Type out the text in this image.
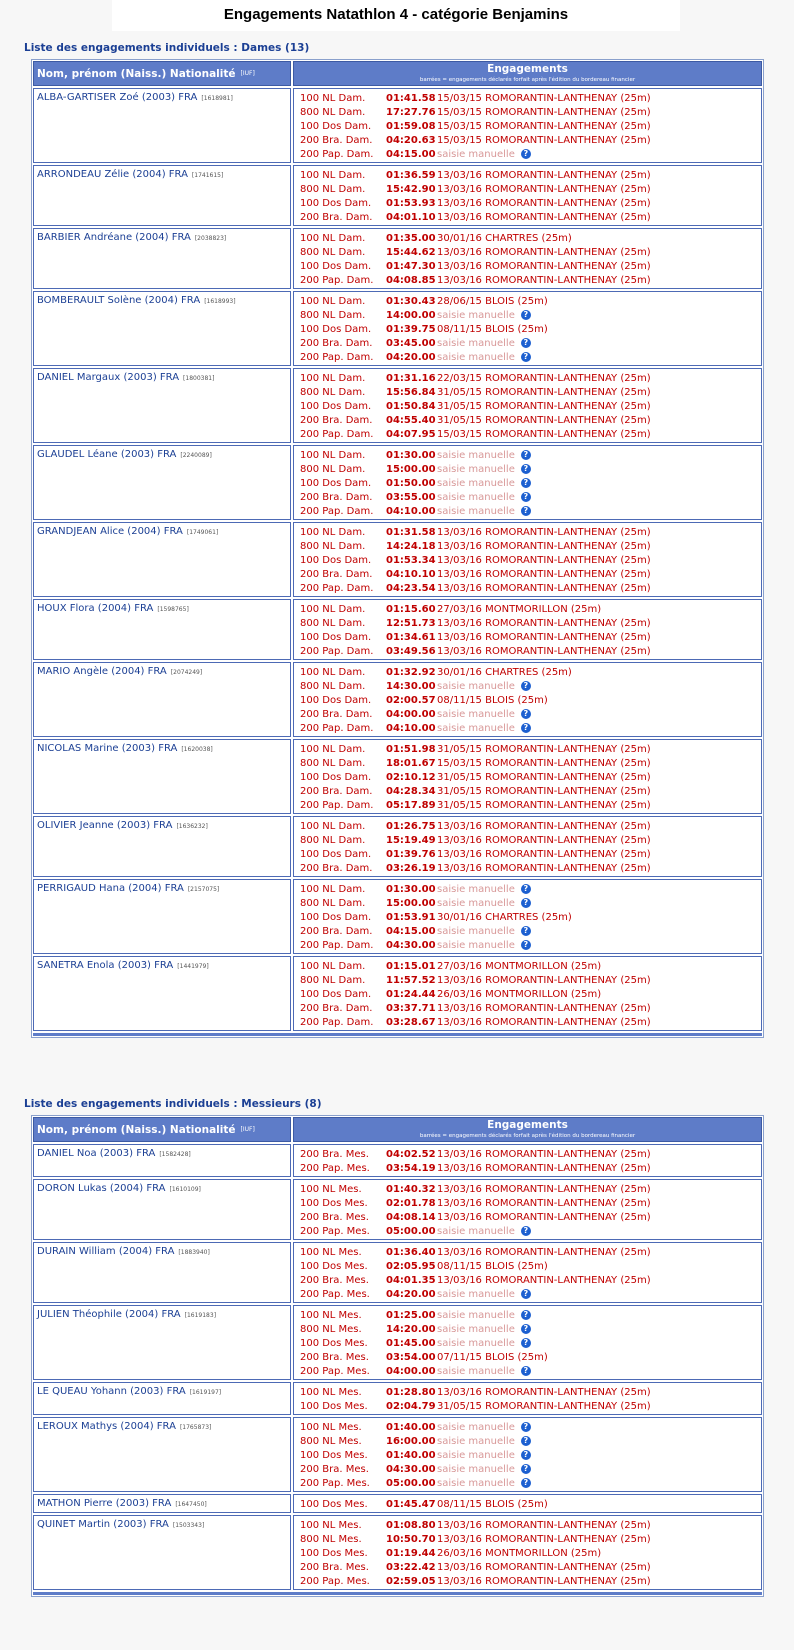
Engagements Natathlon 4 - catégorie Benjamins
Liste des engagements individuels : Dames (13)
Nom, prénom (Naiss.) Nationalité [IUF]	Engagements
barrées = engagements déclarés forfait après l'édition du bordereau financier
ALBA-GARTISER Zoé (2003) FRA [1618981]	100 NL Dam.	01:41.58 15/03/15 ROMORANTIN-LANTHENAY (25m)
800 NL Dam.	17:27.76 15/03/15 ROMORANTIN-LANTHENAY (25m)
100 Dos Dam.	01:59.08 15/03/15 ROMORANTIN-LANTHENAY (25m)
200 Bra. Dam.	04:20.63 15/03/15 ROMORANTIN-LANTHENAY (25m)
200 Pap. Dam.	04:15.00 saisie manuelle	?
ARRONDEAU Zélie (2004) FRA [1741615]	100 NL Dam.	01:36.59 13/03/16 ROMORANTIN-LANTHENAY (25m)
800 NL Dam.	15:42.90 13/03/16 ROMORANTIN-LANTHENAY (25m)
100 Dos Dam.	01:53.93 13/03/16 ROMORANTIN-LANTHENAY (25m)
200 Bra. Dam.	04:01.10 13/03/16 ROMORANTIN-LANTHENAY (25m)
BARBIER Andréane (2004) FRA [2038823]	100 NL Dam.	01:35.00 30/01/16 CHARTRES (25m)
800 NL Dam.	15:44.62 13/03/16 ROMORANTIN-LANTHENAY (25m)
100 Dos Dam.	01:47.30 13/03/16 ROMORANTIN-LANTHENAY (25m)
200 Pap. Dam.	04:08.85 13/03/16 ROMORANTIN-LANTHENAY (25m)
BOMBERAULT Solène (2004) FRA [1618993]	100 NL Dam.	01:30.43 28/06/15 BLOIS (25m)
800 NL Dam.	14:00.00 saisie manuelle	?
100 Dos Dam.	01:39.75 08/11/15 BLOIS (25m)
200 Bra. Dam.	03:45.00 saisie manuelle	?
200 Pap. Dam.	04:20.00 saisie manuelle	?
DANIEL Margaux (2003) FRA [1800381]	100 NL Dam.	01:31.16 22/03/15 ROMORANTIN-LANTHENAY (25m)
800 NL Dam.	15:56.84 31/05/15 ROMORANTIN-LANTHENAY (25m)
100 Dos Dam.	01:50.84 31/05/15 ROMORANTIN-LANTHENAY (25m)
200 Bra. Dam.	04:55.40 31/05/15 ROMORANTIN-LANTHENAY (25m)
200 Pap. Dam.	04:07.95 15/03/15 ROMORANTIN-LANTHENAY (25m)
GLAUDEL Léane (2003) FRA [2240089]	100 NL Dam.	01:30.00 saisie manuelle	?
800 NL Dam.	15:00.00 saisie manuelle	?
100 Dos Dam.	01:50.00 saisie manuelle	?
200 Bra. Dam.	03:55.00 saisie manuelle	?
200 Pap. Dam.	04:10.00 saisie manuelle	?
GRANDJEAN Alice (2004) FRA [1749061]	100 NL Dam.	01:31.58 13/03/16 ROMORANTIN-LANTHENAY (25m)
800 NL Dam.	14:24.18 13/03/16 ROMORANTIN-LANTHENAY (25m)
100 Dos Dam.	01:53.34 13/03/16 ROMORANTIN-LANTHENAY (25m)
200 Bra. Dam.	04:10.10 13/03/16 ROMORANTIN-LANTHENAY (25m)
200 Pap. Dam.	04:23.54 13/03/16 ROMORANTIN-LANTHENAY (25m)
HOUX Flora (2004) FRA [1598765]	100 NL Dam.	01:15.60 27/03/16 MONTMORILLON (25m)
800 NL Dam.	12:51.73 13/03/16 ROMORANTIN-LANTHENAY (25m)
100 Dos Dam.	01:34.61 13/03/16 ROMORANTIN-LANTHENAY (25m)
200 Pap. Dam.	03:49.56 13/03/16 ROMORANTIN-LANTHENAY (25m)
MARIO Angèle (2004) FRA [2074249]	100 NL Dam.	01:32.92 30/01/16 CHARTRES (25m)
800 NL Dam.	14:30.00 saisie manuelle	?
100 Dos Dam.	02:00.57 08/11/15 BLOIS (25m)
200 Bra. Dam.	04:00.00 saisie manuelle	?
200 Pap. Dam.	04:10.00 saisie manuelle	?
NICOLAS Marine (2003) FRA [1620038]	100 NL Dam.	01:51.98 31/05/15 ROMORANTIN-LANTHENAY (25m)
800 NL Dam.	18:01.67 15/03/15 ROMORANTIN-LANTHENAY (25m)
100 Dos Dam.	02:10.12 31/05/15 ROMORANTIN-LANTHENAY (25m)
200 Bra. Dam.	04:28.34 31/05/15 ROMORANTIN-LANTHENAY (25m)
200 Pap. Dam.	05:17.89 31/05/15 ROMORANTIN-LANTHENAY (25m)
OLIVIER Jeanne (2003) FRA [1636232]	100 NL Dam.	01:26.75 13/03/16 ROMORANTIN-LANTHENAY (25m)
800 NL Dam.	15:19.49 13/03/16 ROMORANTIN-LANTHENAY (25m)
100 Dos Dam.	01:39.76 13/03/16 ROMORANTIN-LANTHENAY (25m)
200 Bra. Dam.	03:26.19 13/03/16 ROMORANTIN-LANTHENAY (25m)
PERRIGAUD Hana (2004) FRA [2157075]	100 NL Dam.	01:30.00 saisie manuelle	?
800 NL Dam.	15:00.00 saisie manuelle	?
100 Dos Dam.	01:53.91 30/01/16 CHARTRES (25m)
200 Bra. Dam.	04:15.00 saisie manuelle	?
200 Pap. Dam.	04:30.00 saisie manuelle	?
SANETRA Enola (2003) FRA [1441979]	100 NL Dam.	01:15.01 27/03/16 MONTMORILLON (25m)
800 NL Dam.	11:57.52 13/03/16 ROMORANTIN-LANTHENAY (25m)
100 Dos Dam.	01:24.44 26/03/16 MONTMORILLON (25m)
200 Bra. Dam.	03:37.71 13/03/16 ROMORANTIN-LANTHENAY (25m)
200 Pap. Dam.	03:28.67 13/03/16 ROMORANTIN-LANTHENAY (25m)
Liste des engagements individuels : Messieurs (8)
Nom, prénom (Naiss.) Nationalité [IUF]	Engagements
barrées = engagements déclarés forfait après l'édition du bordereau financier
DANIEL Noa (2003) FRA [1582428]	200 Bra. Mes.	04:02.52 13/03/16 ROMORANTIN-LANTHENAY (25m)
200 Pap. Mes.	03:54.19 13/03/16 ROMORANTIN-LANTHENAY (25m)
DORON Lukas (2004) FRA [1610109]	100 NL Mes.	01:40.32 13/03/16 ROMORANTIN-LANTHENAY (25m)
100 Dos Mes.	02:01.78 13/03/16 ROMORANTIN-LANTHENAY (25m)
200 Bra. Mes.	04:08.14 13/03/16 ROMORANTIN-LANTHENAY (25m)
200 Pap. Mes.	05:00.00 saisie manuelle	?
DURAIN William (2004) FRA [1883940]	100 NL Mes.	01:36.40 13/03/16 ROMORANTIN-LANTHENAY (25m)
100 Dos Mes.	02:05.95 08/11/15 BLOIS (25m)
200 Bra. Mes.	04:01.35 13/03/16 ROMORANTIN-LANTHENAY (25m)
200 Pap. Mes.	04:20.00 saisie manuelle	?
JULIEN Théophile (2004) FRA [1619183]	100 NL Mes.	01:25.00 saisie manuelle	?
800 NL Mes.	14:20.00 saisie manuelle	?
100 Dos Mes.	01:45.00 saisie manuelle	?
200 Bra. Mes.	03:54.00 07/11/15 BLOIS (25m)
200 Pap. Mes.	04:00.00 saisie manuelle	?
LE QUEAU Yohann (2003) FRA [1619197]	100 NL Mes.	01:28.80 13/03/16 ROMORANTIN-LANTHENAY (25m)
100 Dos Mes.	02:04.79 31/05/15 ROMORANTIN-LANTHENAY (25m)
LEROUX Mathys (2004) FRA [1765873]	100 NL Mes.	01:40.00 saisie manuelle	?
800 NL Mes.	16:00.00 saisie manuelle	?
100 Dos Mes.	01:40.00 saisie manuelle	?
200 Bra. Mes.	04:30.00 saisie manuelle	?
200 Pap. Mes.	05:00.00 saisie manuelle	?
MATHON Pierre (2003) FRA [1647450]	100 Dos Mes.	01:45.47 08/11/15 BLOIS (25m)
QUINET Martin (2003) FRA [1503343]	100 NL Mes.	01:08.80 13/03/16 ROMORANTIN-LANTHENAY (25m)
800 NL Mes.	10:50.70 13/03/16 ROMORANTIN-LANTHENAY (25m)
100 Dos Mes.	01:19.44 26/03/16 MONTMORILLON (25m)
200 Bra. Mes.	03:22.42 13/03/16 ROMORANTIN-LANTHENAY (25m)
200 Pap. Mes.	02:59.05 13/03/16 ROMORANTIN-LANTHENAY (25m)
